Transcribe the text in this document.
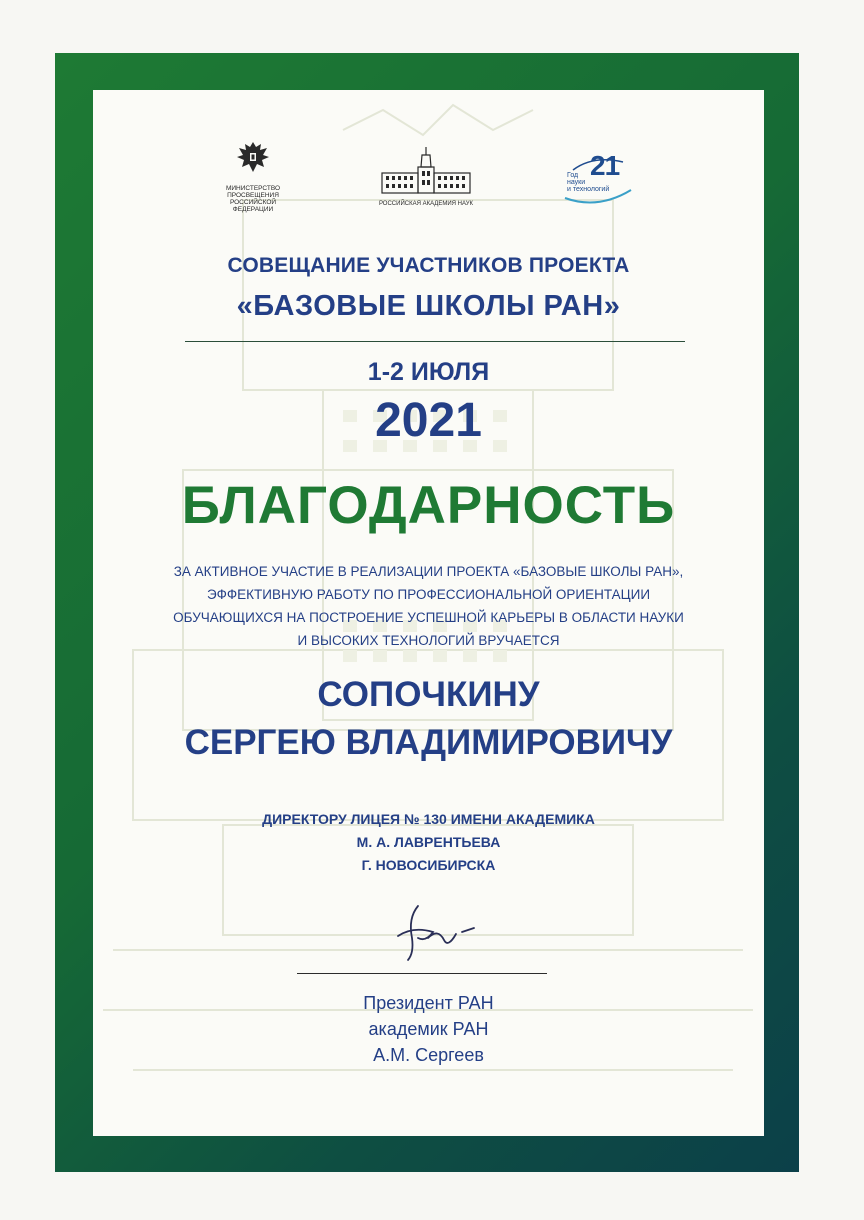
МИНИСТЕРСТВО
ПРОСВЕЩЕНИЯ
РОССИЙСКОЙ
ФЕДЕРАЦИИ
РОССИЙСКАЯ АКАДЕМИЯ НАУК
21
Год
науки
и технологий
СОВЕЩАНИЕ УЧАСТНИКОВ ПРОЕКТА
«БАЗОВЫЕ ШКОЛЫ РАН»
1-2 ИЮЛЯ
2021
БЛАГОДАРНОСТЬ
ЗА АКТИВНОЕ УЧАСТИЕ В РЕАЛИЗАЦИИ ПРОЕКТА «БАЗОВЫЕ ШКОЛЫ РАН»,
ЭФФЕКТИВНУЮ РАБОТУ ПО ПРОФЕССИОНАЛЬНОЙ ОРИЕНТАЦИИ
ОБУЧАЮЩИХСЯ НА ПОСТРОЕНИЕ УСПЕШНОЙ КАРЬЕРЫ В ОБЛАСТИ НАУКИ
И ВЫСОКИХ ТЕХНОЛОГИЙ ВРУЧАЕТСЯ
СОПОЧКИНУ
СЕРГЕЮ ВЛАДИМИРОВИЧУ
ДИРЕКТОРУ ЛИЦЕЯ № 130 ИМЕНИ АКАДЕМИКА
М. А. ЛАВРЕНТЬЕВА
Г. НОВОСИБИРСКА
Президент РАН
академик РАН
А.М. Сергеев
